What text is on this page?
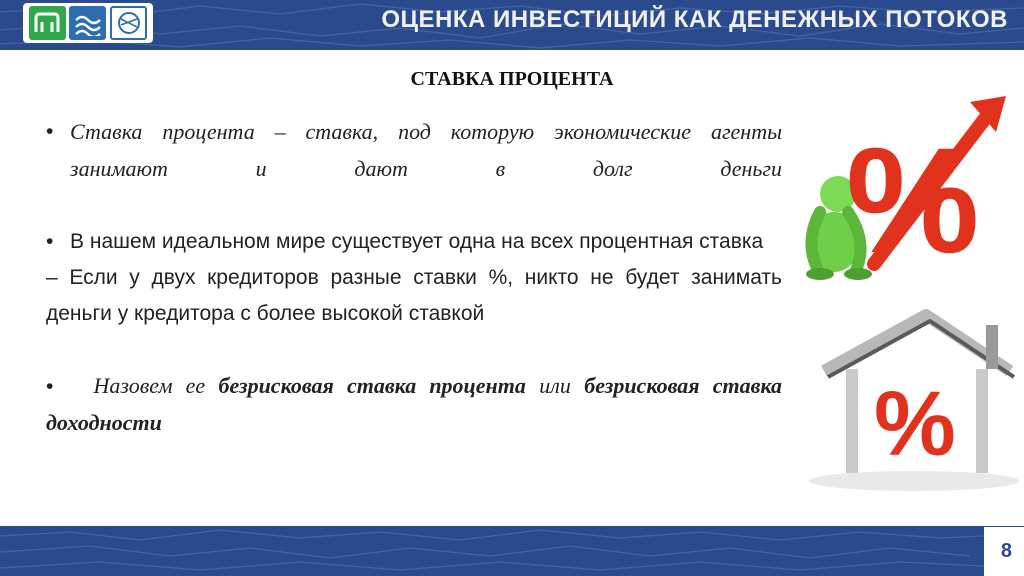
ОЦЕНКА ИНВЕСТИЦИЙ КАК ДЕНЕЖНЫХ ПОТОКОВ
СТАВКА ПРОЦЕНТА
• Ставка процента – ставка, под которую экономические агенты занимают и дают в долг деньги
• В нашем идеальном мире существует одна на всех процентная ставка
– Если у двух кредиторов разные ставки %, никто не будет занимать деньги у кредитора с более высокой ставкой
• Назовем ее безрисковая ставка процента или безрисковая ставка доходности
%
%
8
